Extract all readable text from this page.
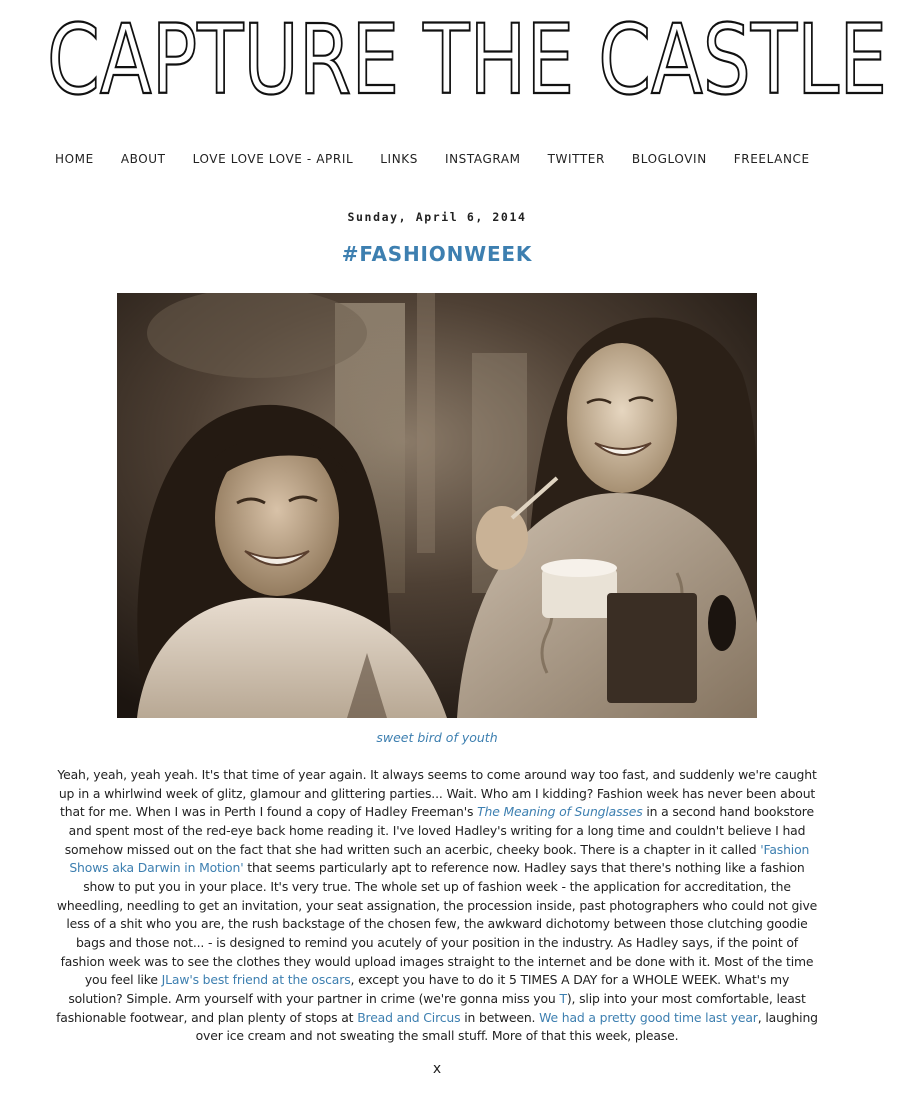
CAPTURE THE CASTLE
HOME ABOUT LOVE LOVE LOVE - APRIL LINKS INSTAGRAM TWITTER BLOGLOVIN FREELANCE
Sunday, April 6, 2014
#FASHIONWEEK
sweet bird of youth
Yeah, yeah, yeah yeah. It's that time of year again. It always seems to come around way too fast, and suddenly we're caught
up in a whirlwind week of glitz, glamour and glittering parties... Wait. Who am I kidding? Fashion week has never been about
that for me. When I was in Perth I found a copy of Hadley Freeman's The Meaning of Sunglasses in a second hand bookstore
and spent most of the red-eye back home reading it. I've loved Hadley's writing for a long time and couldn't believe I had
somehow missed out on the fact that she had written such an acerbic, cheeky book. There is a chapter in it called 'Fashion
Shows aka Darwin in Motion' that seems particularly apt to reference now. Hadley says that there's nothing like a fashion
show to put you in your place. It's very true. The whole set up of fashion week - the application for accreditation, the
wheedling, needling to get an invitation, your seat assignation, the procession inside, past photographers who could not give
less of a shit who you are, the rush backstage of the chosen few, the awkward dichotomy between those clutching goodie
bags and those not... - is designed to remind you acutely of your position in the industry. As Hadley says, if the point of
fashion week was to see the clothes they would upload images straight to the internet and be done with it. Most of the time
you feel like JLaw's best friend at the oscars, except you have to do it 5 TIMES A DAY for a WHOLE WEEK. What's my
solution? Simple. Arm yourself with your partner in crime (we're gonna miss you T), slip into your most comfortable, least
fashionable footwear, and plan plenty of stops at Bread and Circus in between. We had a pretty good time last year, laughing
over ice cream and not sweating the small stuff. More of that this week, please.
x
